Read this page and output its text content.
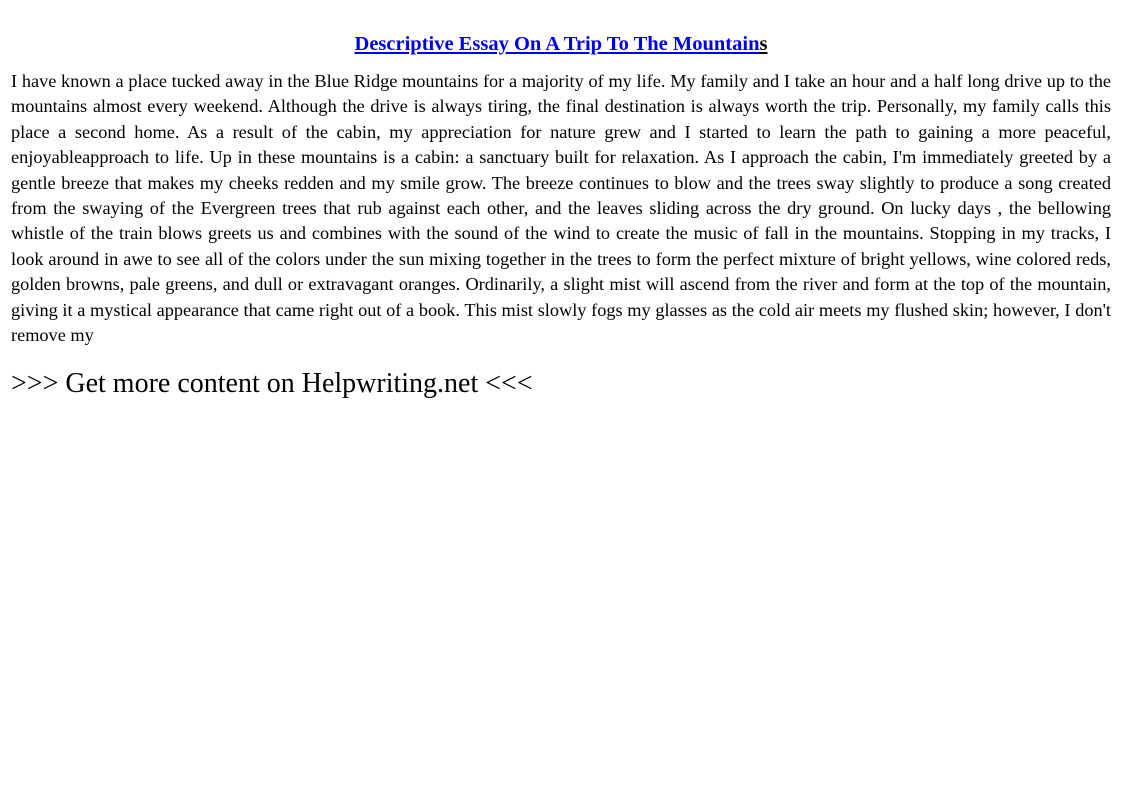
Descriptive Essay On A Trip To The Mountains

I have known a place tucked away in the Blue Ridge mountains for a majority of my life. My family and I take an hour and a half long drive up to the mountains almost every weekend. Although the drive is always tiring, the final destination is always worth the trip. Personally, my family calls this place a second home. As a result of the cabin, my appreciation for nature grew and I started to learn the path to gaining a more peaceful, enjoyableapproach to life. Up in these mountains is a cabin: a sanctuary built for relaxation. As I approach the cabin, I'm immediately greeted by a gentle breeze that makes my cheeks redden and my smile grow. The breeze continues to blow and the trees sway slightly to produce a song created from the swaying of the Evergreen trees that rub against each other, and the leaves sliding across the dry ground. On lucky days , the bellowing whistle of the train blows greets us and combines with the sound of the wind to create the music of fall in the mountains. Stopping in my tracks, I look around in awe to see all of the colors under the sun mixing together in the trees to form the perfect mixture of bright yellows, wine colored reds, golden browns, pale greens, and dull or extravagant oranges. Ordinarily, a slight mist will ascend from the river and form at the top of the mountain, giving it a mystical appearance that came right out of a book. This mist slowly fogs my glasses as the cold air meets my flushed skin; however, I don't remove my

>>> Get more content on Helpwriting.net <<<
